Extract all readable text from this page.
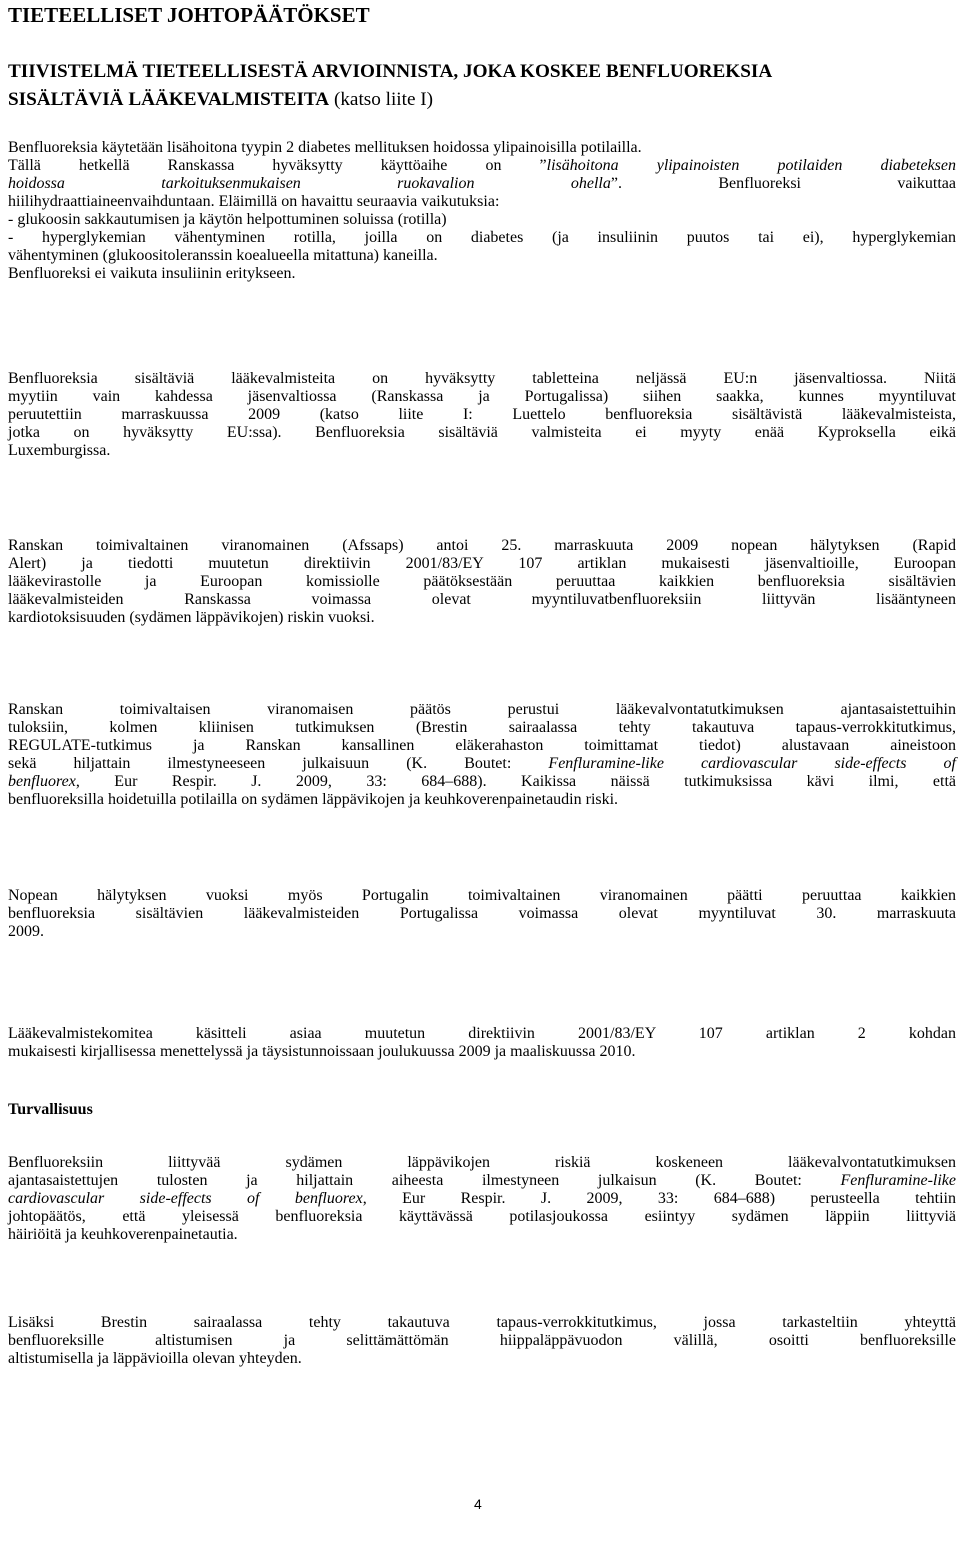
TIETEELLISET JOHTOPÄÄTÖKSET
TIIVISTELMÄ TIETEELLISESTÄ ARVIOINNISTA, JOKA KOSKEE BENFLUOREKSIA
SISÄLTÄVIÄ LÄÄKEVALMISTEITA (katso liite I)

Benfluoreksia käytetään lisähoitona tyypin 2 diabetes mellituksen hoidossa ylipainoisilla potilailla.
Tällä hetkellä Ranskassa hyväksytty käyttöaihe on ”lisähoitona ylipainoisten potilaiden diabeteksen
hoidossa tarkoituksenmukaisen ruokavalion ohella”. Benfluoreksi vaikuttaa
hiilihydraattiaineenvaihduntaan. Eläimillä on havaittu seuraavia vaikutuksia:
- glukoosin sakkautumisen ja käytön helpottuminen soluissa (rotilla)
- hyperglykemian vähentyminen rotilla, joilla on diabetes (ja insuliinin puutos tai ei), hyperglykemian
vähentyminen (glukoositoleranssin koealueella mitattuna) kaneilla.
Benfluoreksi ei vaikuta insuliinin eritykseen.

Benfluoreksia sisältäviä lääkevalmisteita on hyväksytty tabletteina neljässä EU:n jäsenvaltiossa. Niitä
myytiin vain kahdessa jäsenvaltiossa (Ranskassa ja Portugalissa) siihen saakka, kunnes myyntiluvat
peruutettiin marraskuussa 2009 (katso liite I: Luettelo benfluoreksia sisältävistä lääkevalmisteista,
jotka on hyväksytty EU:ssa). Benfluoreksia sisältäviä valmisteita ei myyty enää Kyproksella eikä
Luxemburgissa.

Ranskan toimivaltainen viranomainen (Afssaps) antoi 25. marraskuuta 2009 nopean hälytyksen (Rapid
Alert) ja tiedotti muutetun direktiivin 2001/83/EY 107 artiklan mukaisesti jäsenvaltioille, Euroopan
lääkevirastolle ja Euroopan komissiolle päätöksestään peruuttaa kaikkien benfluoreksia sisältävien
lääkevalmisteiden Ranskassa voimassa olevat myyntiluvatbenfluoreksiin liittyvän lisääntyneen
kardiotoksisuuden (sydämen läppävikojen) riskin vuoksi.

Ranskan toimivaltaisen viranomaisen päätös perustui lääkevalvontatutkimuksen ajantasaistettuihin
tuloksiin, kolmen kliinisen tutkimuksen (Brestin sairaalassa tehty takautuva tapaus-verrokkitutkimus,
REGULATE-tutkimus ja Ranskan kansallinen eläkerahaston toimittamat tiedot) alustavaan aineistoon
sekä hiljattain ilmestyneeseen julkaisuun (K. Boutet: Fenfluramine-like cardiovascular side-effects of
benfluorex, Eur Respir. J. 2009, 33: 684–688). Kaikissa näissä tutkimuksissa kävi ilmi, että
benfluoreksilla hoidetuilla potilailla on sydämen läppävikojen ja keuhkoverenpainetaudin riski.

Nopean hälytyksen vuoksi myös Portugalin toimivaltainen viranomainen päätti peruuttaa kaikkien
benfluoreksia sisältävien lääkevalmisteiden Portugalissa voimassa olevat myyntiluvat 30. marraskuuta
2009.

Lääkevalmistekomitea käsitteli asiaa muutetun direktiivin 2001/83/EY 107 artiklan 2 kohdan
mukaisesti kirjallisessa menettelyssä ja täysistunnoissaan joulukuussa 2009 ja maaliskuussa 2010.

Turvallisuus

Benfluoreksiin liittyvää sydämen läppävikojen riskiä koskeneen lääkevalvontatutkimuksen
ajantasaistettujen tulosten ja hiljattain aiheesta ilmestyneen julkaisun (K. Boutet: Fenfluramine-like
cardiovascular side-effects of benfluorex, Eur Respir. J. 2009, 33: 684–688) perusteella tehtiin
johtopäätös, että yleisessä benfluoreksia käyttävässä potilasjoukossa esiintyy sydämen läppiin liittyviä
häiriöitä ja keuhkoverenpainetautia.

Lisäksi Brestin sairaalassa tehty takautuva tapaus-verrokkitutkimus, jossa tarkasteltiin yhteyttä
benfluoreksille altistumisen ja selittämättömän hiippaläppävuodon välillä, osoitti benfluoreksille
altistumisella ja läppävioilla olevan yhteyden.

4
